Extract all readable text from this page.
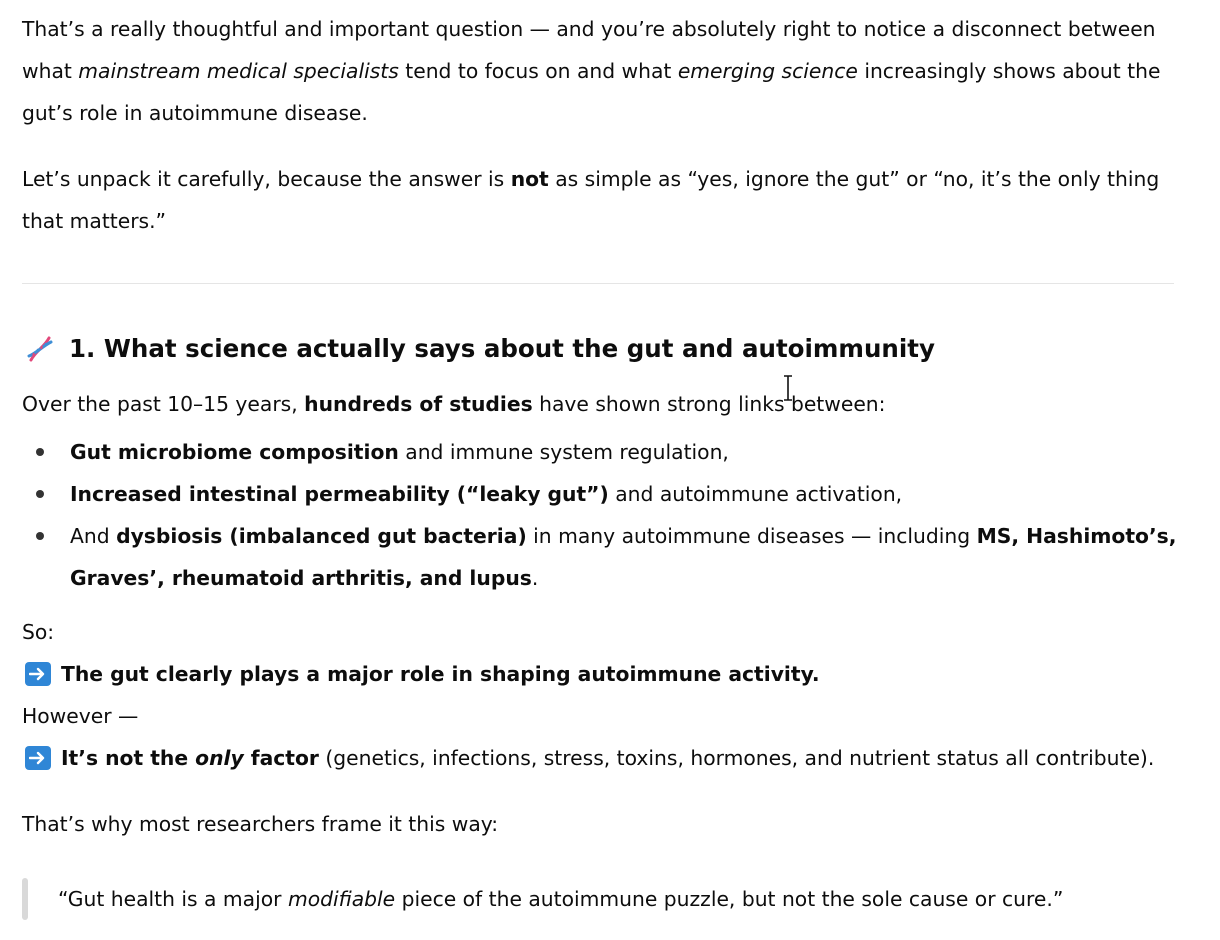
That’s a really thoughtful and important question — and you’re absolutely right to notice a disconnect between what mainstream medical specialists tend to focus on and what emerging science increasingly shows about the gut’s role in autoimmune disease.

Let’s unpack it carefully, because the answer is not as simple as “yes, ignore the gut” or “no, it’s the only thing that matters.”

1. What science actually says about the gut and autoimmunity

Over the past 10–15 years, hundreds of studies have shown strong links between:

Gut microbiome composition and immune system regulation,
Increased intestinal permeability (“leaky gut”) and autoimmune activation,
And dysbiosis (imbalanced gut bacteria) in many autoimmune diseases — including MS, Hashimoto’s, Graves’, rheumatoid arthritis, and lupus.

So:

The gut clearly plays a major role in shaping autoimmune activity.

However —

It’s not the only factor (genetics, infections, stress, toxins, hormones, and nutrient status all contribute).

That’s why most researchers frame it this way:

“Gut health is a major modifiable piece of the autoimmune puzzle, but not the sole cause or cure.”
